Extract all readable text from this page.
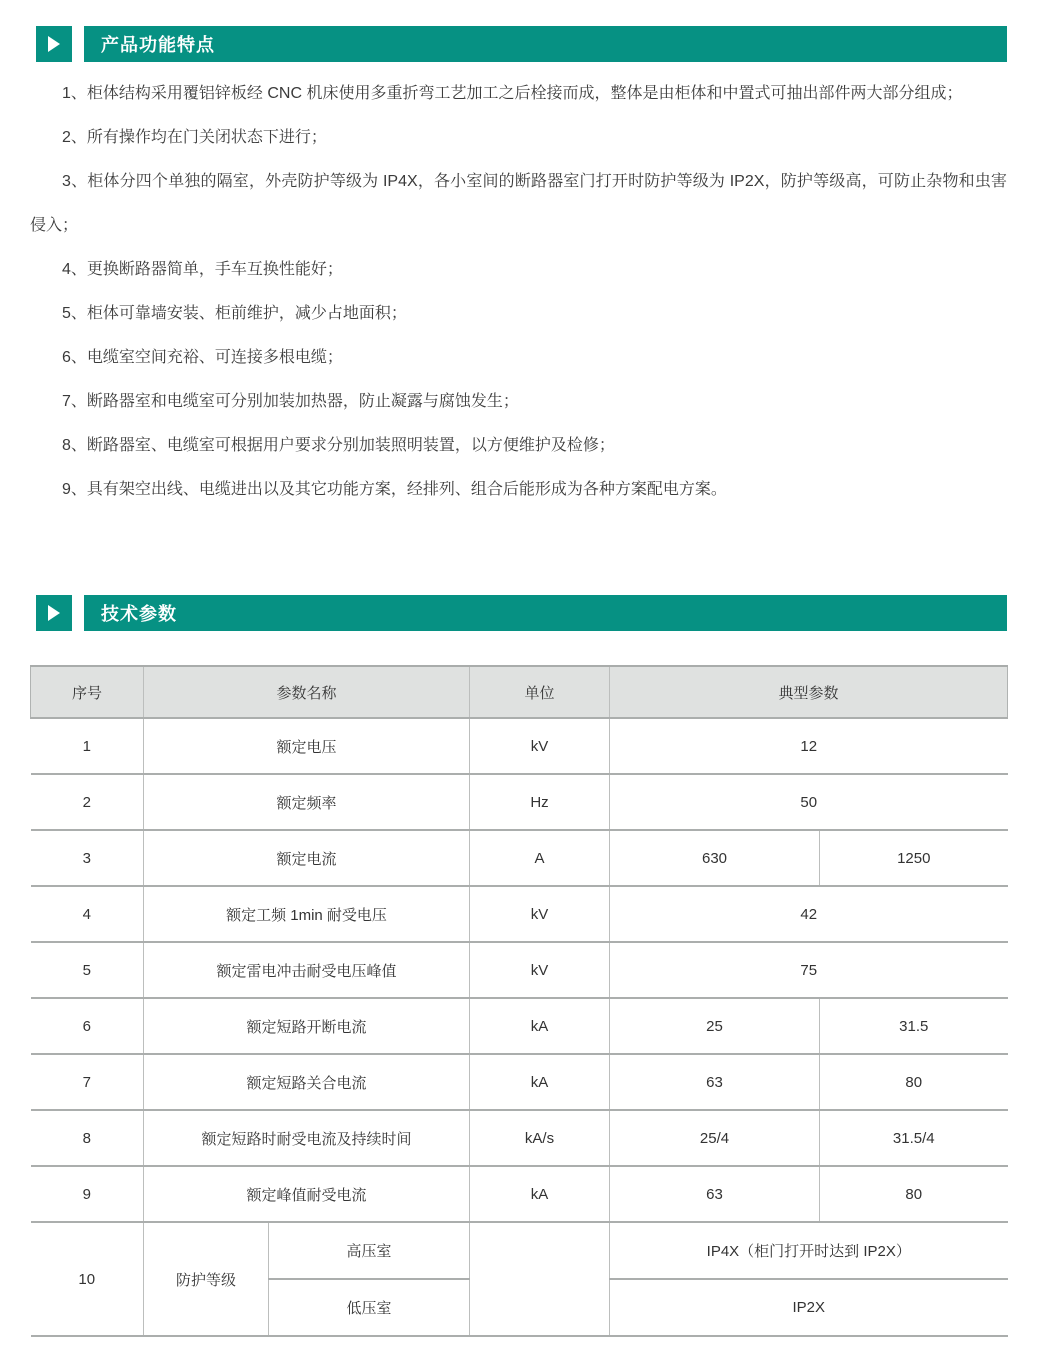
产品功能特点

1、柜体结构采用覆铝锌板经 CNC 机床使用多重折弯工艺加工之后栓接而成，整体是由柜体和中置式可抽出部件两大部分组成；

2、所有操作均在门关闭状态下进行；

3、柜体分四个单独的隔室，外壳防护等级为 IP4X，各小室间的断路器室门打开时防护等级为 IP2X，防护等级高，可防止杂物和虫害侵入；

4、更换断路器简单，手车互换性能好；

5、柜体可靠墙安装、柜前维护，减少占地面积；

6、电缆室空间充裕、可连接多根电缆；

7、断路器室和电缆室可分别加装加热器，防止凝露与腐蚀发生；

8、断路器室、电缆室可根据用户要求分别加装照明装置，以方便维护及检修；

9、具有架空出线、电缆进出以及其它功能方案，经排列、组合后能形成为各种方案配电方案。

技术参数
序号	参数名称		单位	典型参数	
1	额定电压		kV	12	
2	额定频率		Hz	50	
3	额定电流		A	630	1250
4	额定工频 1min 耐受电压		kV	42	
5	额定雷电冲击耐受电压峰值		kV	75	
6	额定短路开断电流		kA	25	31.5
7	额定短路关合电流		kA	63	80
8	额定短路时耐受电流及持续时间		kA/s	25/4	31.5/4
9	额定峰值耐受电流		kA	63	80
10	防护等级	高压室		IP4X（柜门打开时达到 IP2X）	
		低压室		IP2X	
